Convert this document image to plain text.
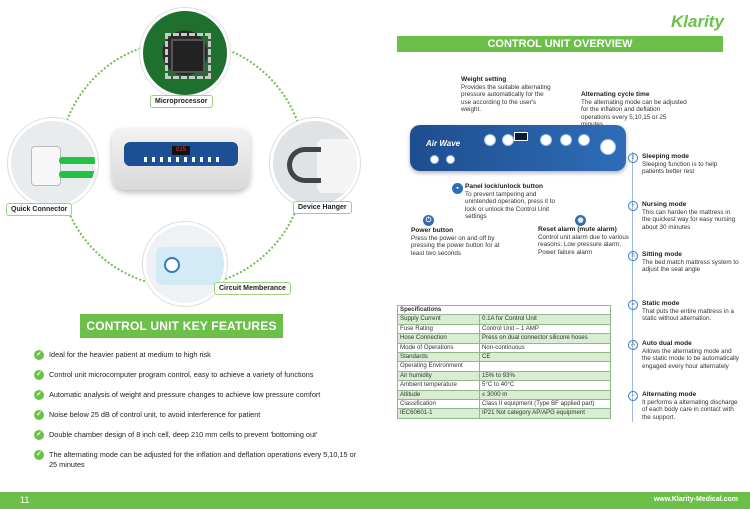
Microprocessor
Quick Connector	Device Hanger
Circuit Memberance
015
CONTROL UNIT KEY FEATURES
✓ Ideal for the heavier patient at medium to high risk
✓ Control unit microcomputer program control, easy to achieve a variety of functions
✓ Automatic analysis of weight and pressure changes to achieve low pressure comfort
✓ Noise below 25 dB of control unit, to avoid interference for patient
✓ Double chamber design of 8 inch cell, deep 210 mm cells to prevent 'bottoming out'
✓ The alternating mode can be adjusted for the inflation and deflation operations every 5,10,15 or 25 minutes
11
Klarity
CONTROL UNIT OVERVIEW
Weight setting
Provides the suitable alternating pressure automatically for the use according to the user's weight.
Alternating cycle time
The alternating mode can be adjusted for the inflation and deflation operations every 5,10,15 or 25
Air Wave
▪ Panel lock/unlock button
To prevent tampering and unintended operation, press it to lock or unlock the Control Unit settings
⏻
Power button
Press the power on and off by pressing the power button for at least two seconds
◉
Reset alarm (mute alarm)
Control unit alarm due to various reasons: Low pressure alarm; Power failure alarm
z	Sleeping mode
Sleeping function is to help patients better rest
+	Nursing mode
This can harden the mattress in the quickest way for easy nursing about 30 minutes
h	Sitting mode
The bed match mattress system to adjust the seat angle
=	Static mode
That puts the entire mattress in a static without alternation.
A	Auto dual mode
Allows the alternating mode and the static mode to be automatically engaged every hour alternately
~	Alternating mode
It performs a alternating discharge of each body care in contact with the support.
Specifications	
Supply Current	0.1A for Control Unit
Fuse Rating	Control Unit – 1 AMP
Hose Connection	Press on dual connector silicone hoses
Mode of Operations	Non-continuous
Standards	CE
Operating Environment	
Air humidity	15% to 93%
Ambient temperature	5°C to 40°C
Altitude	≤ 3000 m
Classification	Class II equipment (Type BF applied part)
IEC60601-1	IP21 Not category AP/APG equipment
www.Klarity-Medical.com
